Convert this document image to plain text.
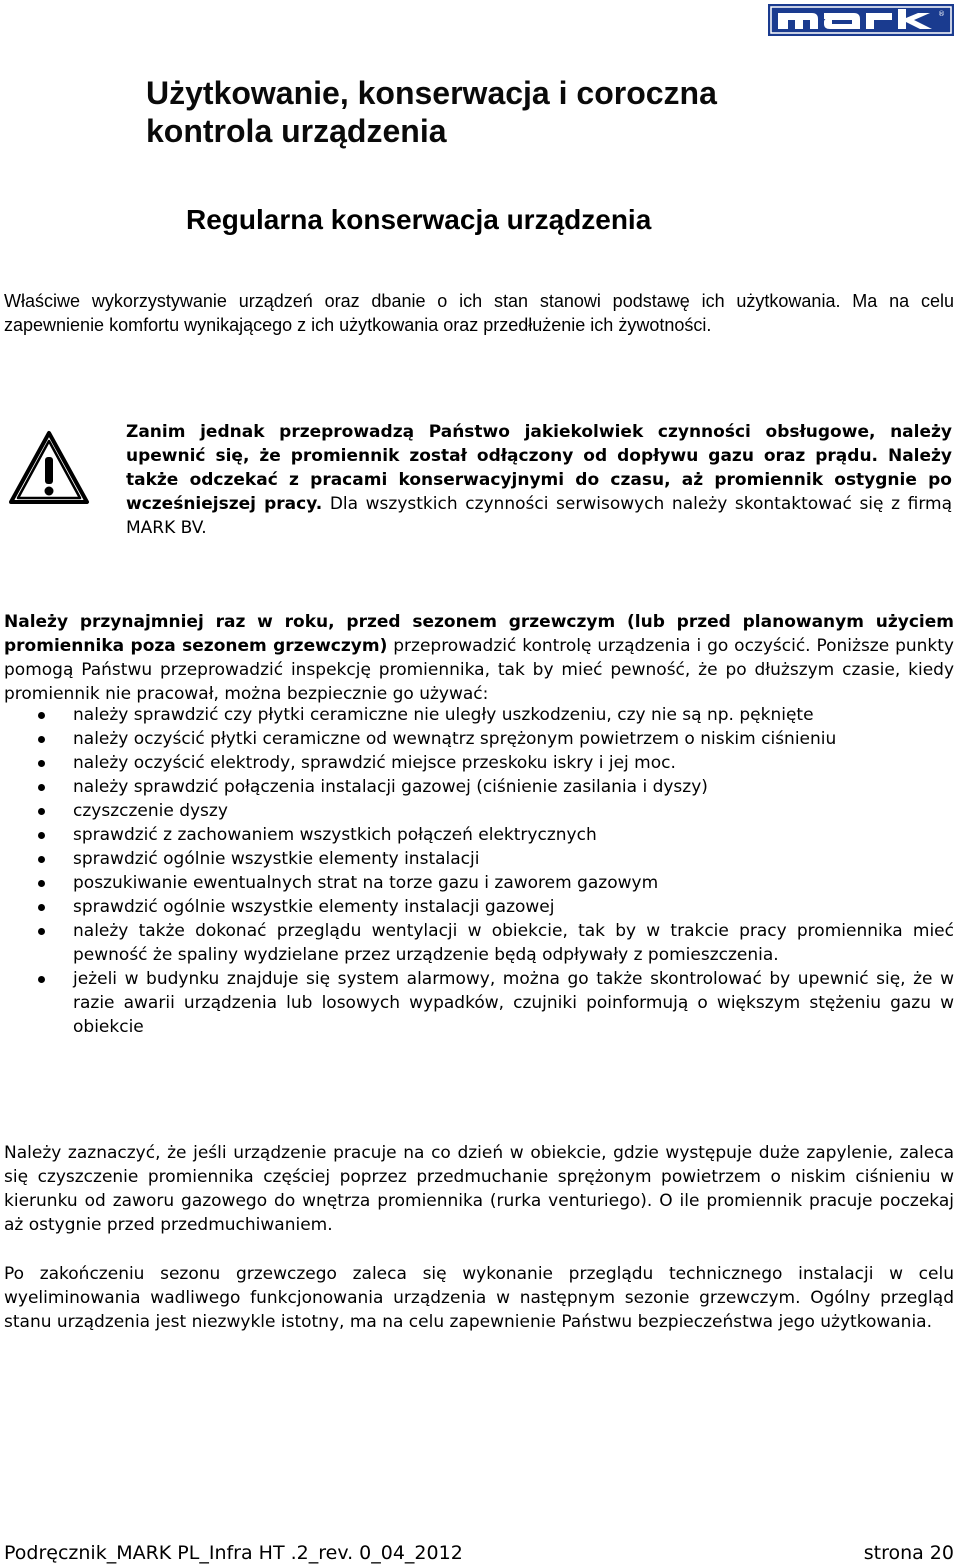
®
Użytkowanie, konserwacja i coroczna kontrola urządzenia
Regularna konserwacja urządzenia

Właściwe wykorzystywanie urządzeń oraz dbanie o ich stan stanowi podstawę ich użytkowania. Ma na celu zapewnienie komfortu wynikającego z ich użytkowania oraz przedłużenie ich żywotności.

Zanim jednak przeprowadzą Państwo jakiekolwiek czynności obsługowe, należy upewnić się, że promiennik został odłączony od dopływu gazu oraz prądu. Należy także odczekać z pracami konserwacyjnymi do czasu, aż promiennik ostygnie po wcześniejszej pracy. Dla wszystkich czynności serwisowych należy skontaktować się z firmą MARK BV.

Należy przynajmniej raz w roku, przed sezonem grzewczym (lub przed planowanym użyciem promiennika poza sezonem grzewczym) przeprowadzić kontrolę urządzenia i go oczyścić. Poniższe punkty pomogą Państwu przeprowadzić inspekcję promiennika, tak by mieć pewność, że po dłuższym czasie, kiedy promiennik nie pracował, można bezpiecznie go używać:

należy sprawdzić czy płytki ceramiczne nie uległy uszkodzeniu, czy nie są np. pęknięte
należy oczyścić płytki ceramiczne od wewnątrz sprężonym powietrzem o niskim ciśnieniu
należy oczyścić elektrody, sprawdzić miejsce przeskoku iskry i jej moc.
należy sprawdzić połączenia instalacji gazowej (ciśnienie zasilania i dyszy)
czyszczenie dyszy
sprawdzić z zachowaniem wszystkich połączeń elektrycznych
sprawdzić ogólnie wszystkie elementy instalacji
poszukiwanie ewentualnych strat na torze gazu i zaworem gazowym
sprawdzić ogólnie wszystkie elementy instalacji gazowej
należy także dokonać przeglądu wentylacji w obiekcie, tak by w trakcie pracy promiennika mieć pewność że spaliny wydzielane przez urządzenie będą odpływały z pomieszczenia.
jeżeli w budynku znajduje się system alarmowy, można go także skontrolować by upewnić się, że w razie awarii urządzenia lub losowych wypadków, czujniki poinformują o większym stężeniu gazu w obiekcie

Należy zaznaczyć, że jeśli urządzenie pracuje na co dzień w obiekcie, gdzie występuje duże zapylenie, zaleca się czyszczenie promiennika częściej poprzez przedmuchanie sprężonym powietrzem o niskim ciśnieniu w kierunku od zaworu gazowego do wnętrza promiennika (rurka venturiego). O ile promiennik pracuje poczekaj aż ostygnie przed przedmuchiwaniem.

Po zakończeniu sezonu grzewczego zaleca się wykonanie przeglądu technicznego instalacji w celu wyeliminowania wadliwego funkcjonowania urządzenia w następnym sezonie grzewczym. Ogólny przegląd stanu urządzenia jest niezwykle istotny, ma na celu zapewnienie Państwu bezpieczeństwa jego użytkowania.

Podręcznik_MARK PL_Infra HT .2_rev. 0_04_2012	strona 20
